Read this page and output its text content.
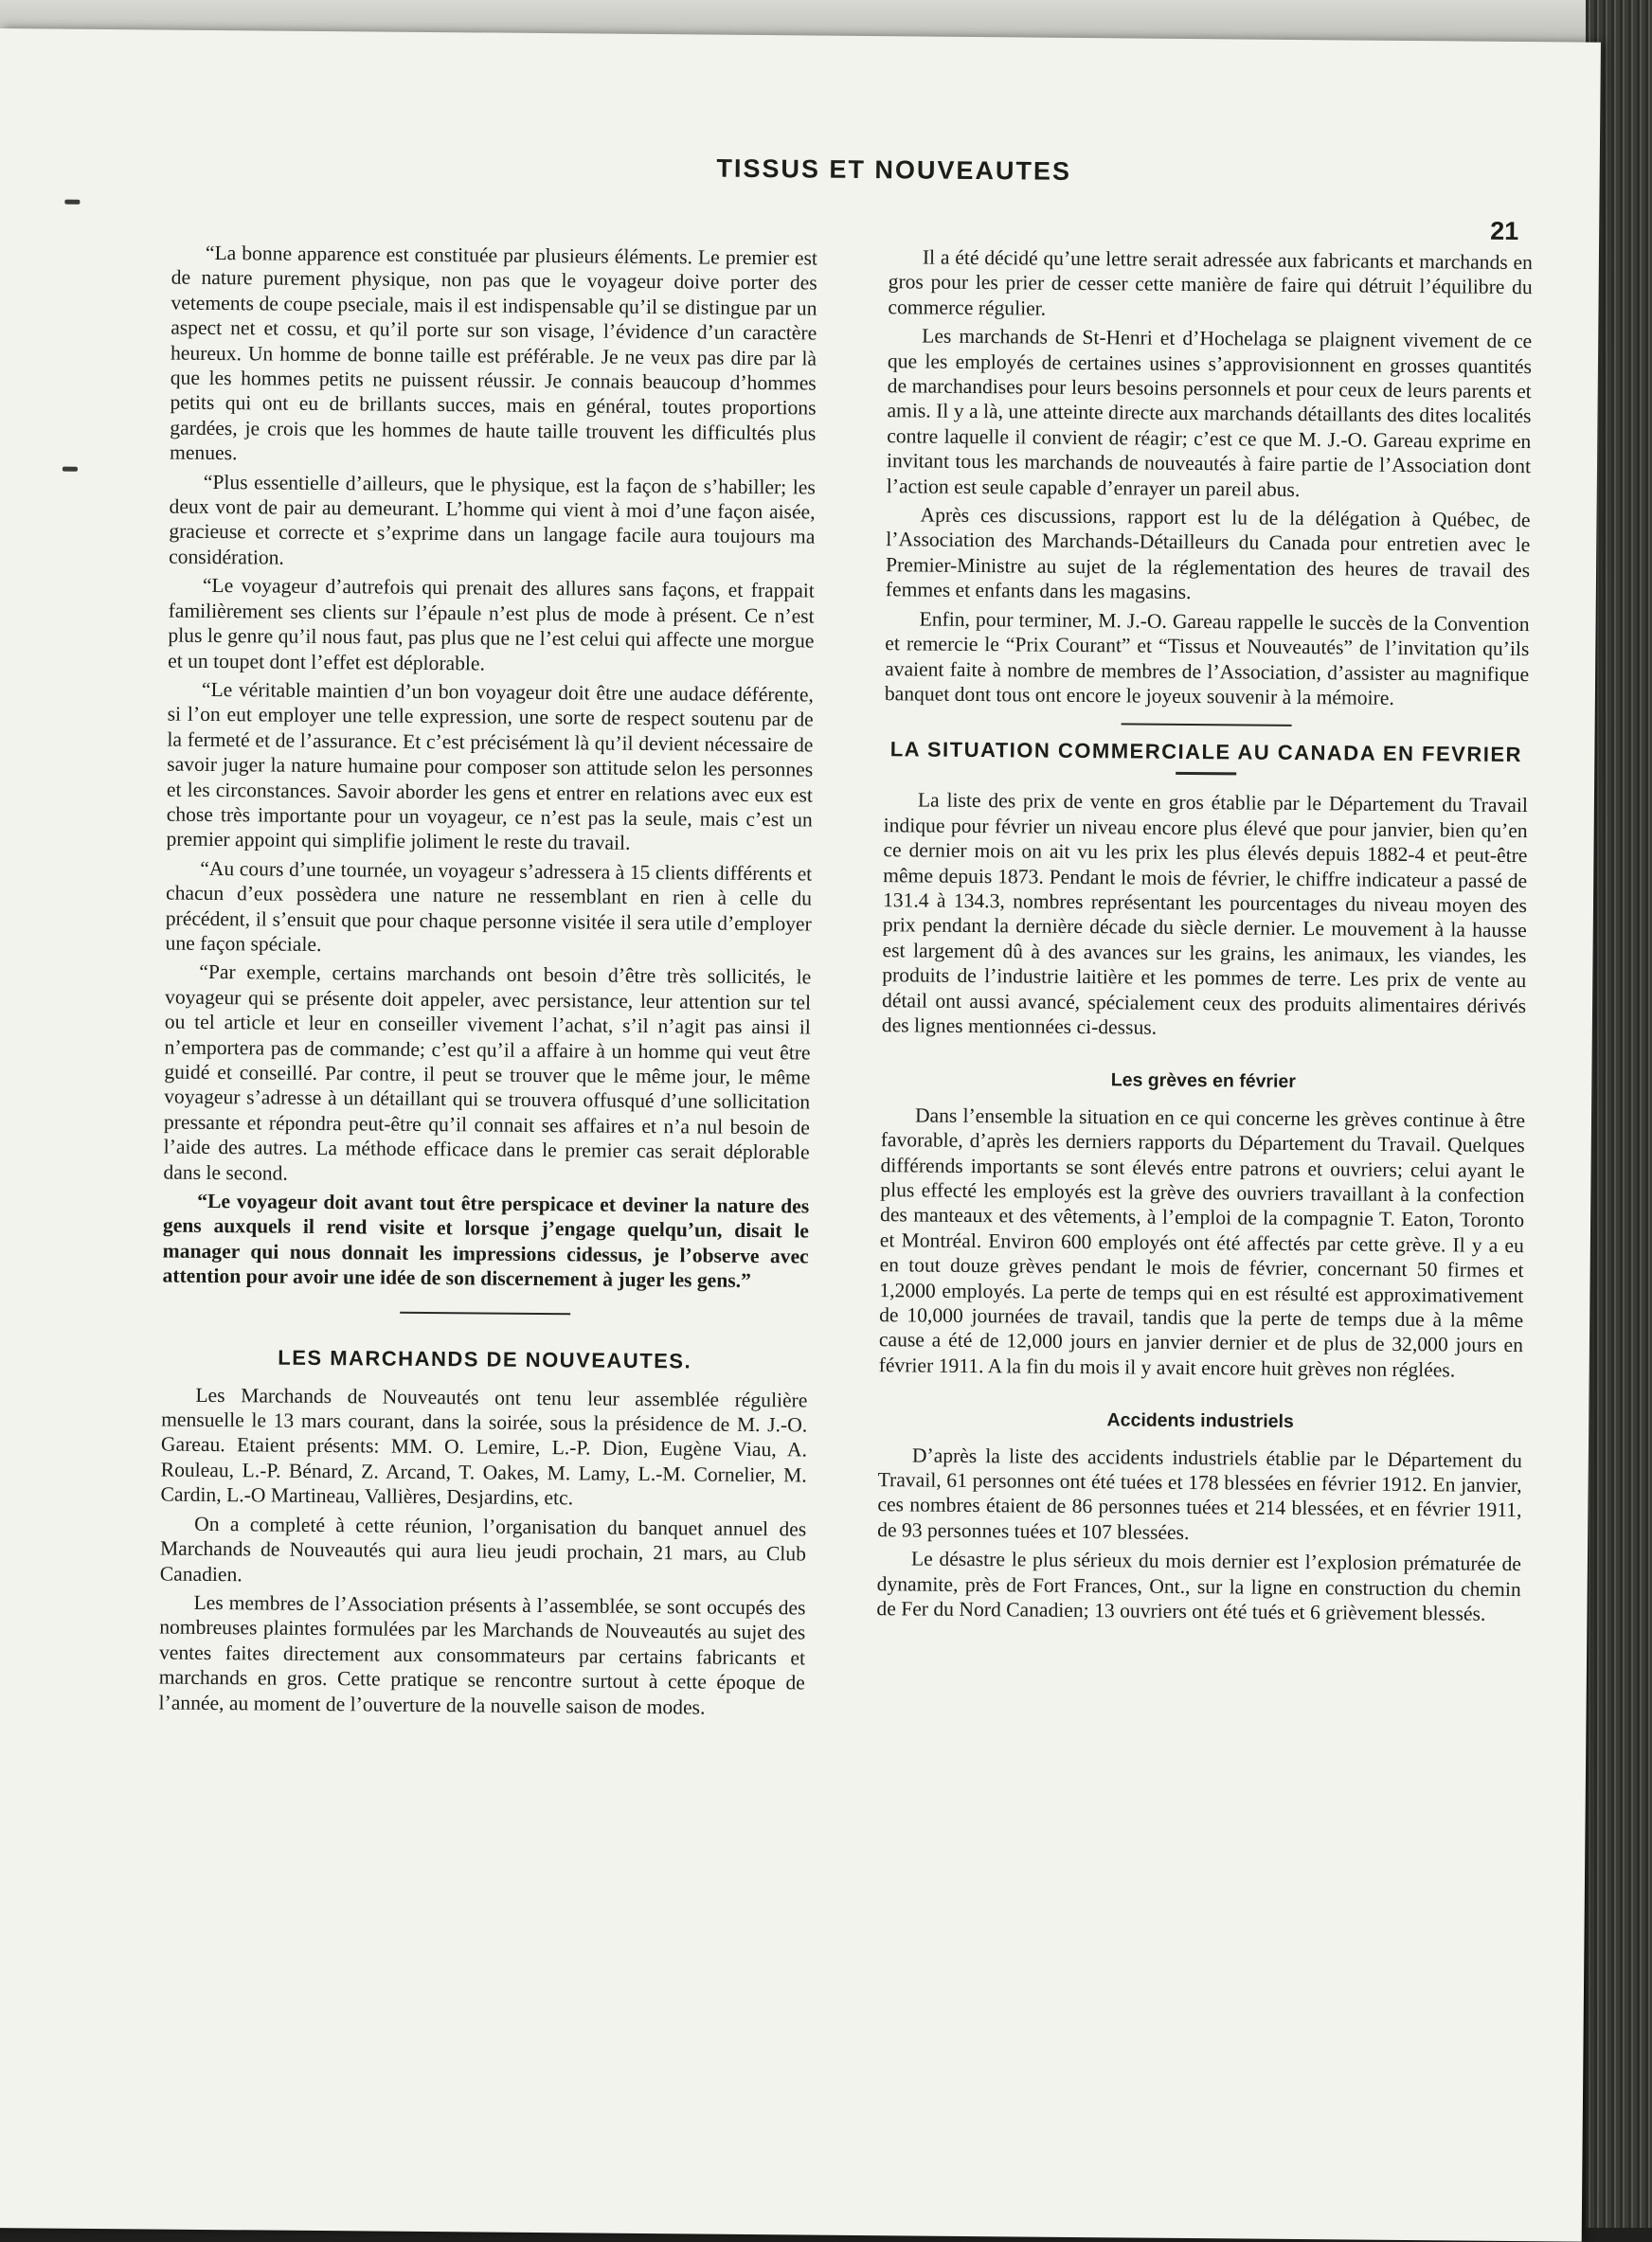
TISSUS ET NOUVEAUTES
21

“La bonne apparence est constituée par plusieurs éléments. Le premier est de nature purement physique, non pas que le voyageur doive porter des vetements de coupe pseciale, mais il est indispensable qu’il se distingue par un aspect net et cossu, et qu’il porte sur son visage, l’évidence d’un caractère heureux. Un homme de bonne taille est préférable. Je ne veux pas dire par là que les hommes petits ne puissent réussir. Je connais beaucoup d’hommes petits qui ont eu de brillants succes, mais en général, toutes proportions gardées, je crois que les hommes de haute taille trouvent les difficultés plus menues.

“Plus essentielle d’ailleurs, que le physique, est la façon de s’habiller; les deux vont de pair au demeurant. L’homme qui vient à moi d’une façon aisée, gracieuse et correcte et s’exprime dans un langage facile aura toujours ma considération.

“Le voyageur d’autrefois qui prenait des allures sans façons, et frappait familièrement ses clients sur l’épaule n’est plus de mode à présent. Ce n’est plus le genre qu’il nous faut, pas plus que ne l’est celui qui affecte une morgue et un toupet dont l’effet est déplorable.

“Le véritable maintien d’un bon voyageur doit être une audace déférente, si l’on eut employer une telle expression, une sorte de respect soutenu par de la fermeté et de l’assurance. Et c’est précisément là qu’il devient nécessaire de savoir juger la nature humaine pour composer son attitude selon les personnes et les circonstances. Savoir aborder les gens et entrer en relations avec eux est chose très importante pour un voyageur, ce n’est pas la seule, mais c’est un premier appoint qui simplifie joliment le reste du travail.

“Au cours d’une tournée, un voyageur s’adressera à 15 clients différents et chacun d’eux possèdera une nature ne ressemblant en rien à celle du précédent, il s’ensuit que pour chaque personne visitée il sera utile d’employer une façon spéciale.

“Par exemple, certains marchands ont besoin d’être très sollicités, le voyageur qui se présente doit appeler, avec persistance, leur attention sur tel ou tel article et leur en conseiller vivement l’achat, s’il n’agit pas ainsi il n’emportera pas de commande; c’est qu’il a affaire à un homme qui veut être guidé et conseillé. Par contre, il peut se trouver que le même jour, le même voyageur s’adresse à un détaillant qui se trouvera offusqué d’une sollicitation pressante et répondra peut-être qu’il connait ses affaires et n’a nul besoin de l’aide des autres. La méthode efficace dans le premier cas serait déplorable dans le second.

“Le voyageur doit avant tout être perspicace et deviner la nature des gens auxquels il rend visite et lorsque j’engage quelqu’un, disait le manager qui nous donnait les impressions cidessus, je l’observe avec attention pour avoir une idée de son discernement à juger les gens.”

LES MARCHANDS DE NOUVEAUTES.

Les Marchands de Nouveautés ont tenu leur assemblée régulière mensuelle le 13 mars courant, dans la soirée, sous la présidence de M. J.-O. Gareau. Etaient présents: MM. O. Lemire, L.-P. Dion, Eugène Viau, A. Rouleau, L.-P. Bénard, Z. Arcand, T. Oakes, M. Lamy, L.-M. Cornelier, M. Cardin, L.-O Martineau, Vallières, Desjardins, etc.

On a completé à cette réunion, l’organisation du banquet annuel des Marchands de Nouveautés qui aura lieu jeudi prochain, 21 mars, au Club Canadien.

Les membres de l’Association présents à l’assemblée, se sont occupés des nombreuses plaintes formulées par les Marchands de Nouveautés au sujet des ventes faites directement aux consommateurs par certains fabricants et marchands en gros. Cette pratique se rencontre surtout à cette époque de l’année, au moment de l’ouverture de la nouvelle saison de modes.

Il a été décidé qu’une lettre serait adressée aux fabricants et marchands en gros pour les prier de cesser cette manière de faire qui détruit l’équilibre du commerce régulier.

Les marchands de St-Henri et d’Hochelaga se plaignent vivement de ce que les employés de certaines usines s’approvisionnent en grosses quantités de marchandises pour leurs besoins personnels et pour ceux de leurs parents et amis. Il y a là, une atteinte directe aux marchands détaillants des dites localités contre laquelle il convient de réagir; c’est ce que M. J.-O. Gareau exprime en invitant tous les marchands de nouveautés à faire partie de l’Association dont l’action est seule capable d’enrayer un pareil abus.

Après ces discussions, rapport est lu de la délégation à Québec, de l’Association des Marchands-Détailleurs du Canada pour entretien avec le Premier-Ministre au sujet de la réglementation des heures de travail des femmes et enfants dans les magasins.

Enfin, pour terminer, M. J.-O. Gareau rappelle le succès de la Convention et remercie le “Prix Courant” et “Tissus et Nouveautés” de l’invitation qu’ils avaient faite à nombre de membres de l’Association, d’assister au magnifique banquet dont tous ont encore le joyeux souvenir à la mémoire.

LA SITUATION COMMERCIALE AU CANADA EN FEVRIER

La liste des prix de vente en gros établie par le Département du Travail indique pour février un niveau encore plus élevé que pour janvier, bien qu’en ce dernier mois on ait vu les prix les plus élevés depuis 1882-4 et peut-être même depuis 1873. Pendant le mois de février, le chiffre indicateur a passé de 131.4 à 134.3, nombres représentant les pourcentages du niveau moyen des prix pendant la dernière décade du siècle dernier. Le mouvement à la hausse est largement dû à des avances sur les grains, les animaux, les viandes, les produits de l’industrie laitière et les pommes de terre. Les prix de vente au détail ont aussi avancé, spécialement ceux des produits alimentaires dérivés des lignes mentionnées ci-dessus.

Les grèves en février

Dans l’ensemble la situation en ce qui concerne les grèves continue à être favorable, d’après les derniers rapports du Département du Travail. Quelques différends importants se sont élevés entre patrons et ouvriers; celui ayant le plus effecté les employés est la grève des ouvriers travaillant à la confection des manteaux et des vêtements, à l’emploi de la compagnie T. Eaton, Toronto et Montréal. Environ 600 employés ont été affectés par cette grève. Il y a eu en tout douze grèves pendant le mois de février, concernant 50 firmes et 1,2000 employés. La perte de temps qui en est résulté est approximativement de 10,000 journées de travail, tandis que la perte de temps due à la même cause a été de 12,000 jours en janvier dernier et de plus de 32,000 jours en février 1911. A la fin du mois il y avait encore huit grèves non réglées.

Accidents industriels

D’après la liste des accidents industriels établie par le Département du Travail, 61 personnes ont été tuées et 178 blessées en février 1912. En janvier, ces nombres étaient de 86 personnes tuées et 214 blessées, et en février 1911, de 93 personnes tuées et 107 blessées.

Le désastre le plus sérieux du mois dernier est l’explosion prématurée de dynamite, près de Fort Frances, Ont., sur la ligne en construction du chemin de Fer du Nord Canadien; 13 ouvriers ont été tués et 6 grièvement blessés.
